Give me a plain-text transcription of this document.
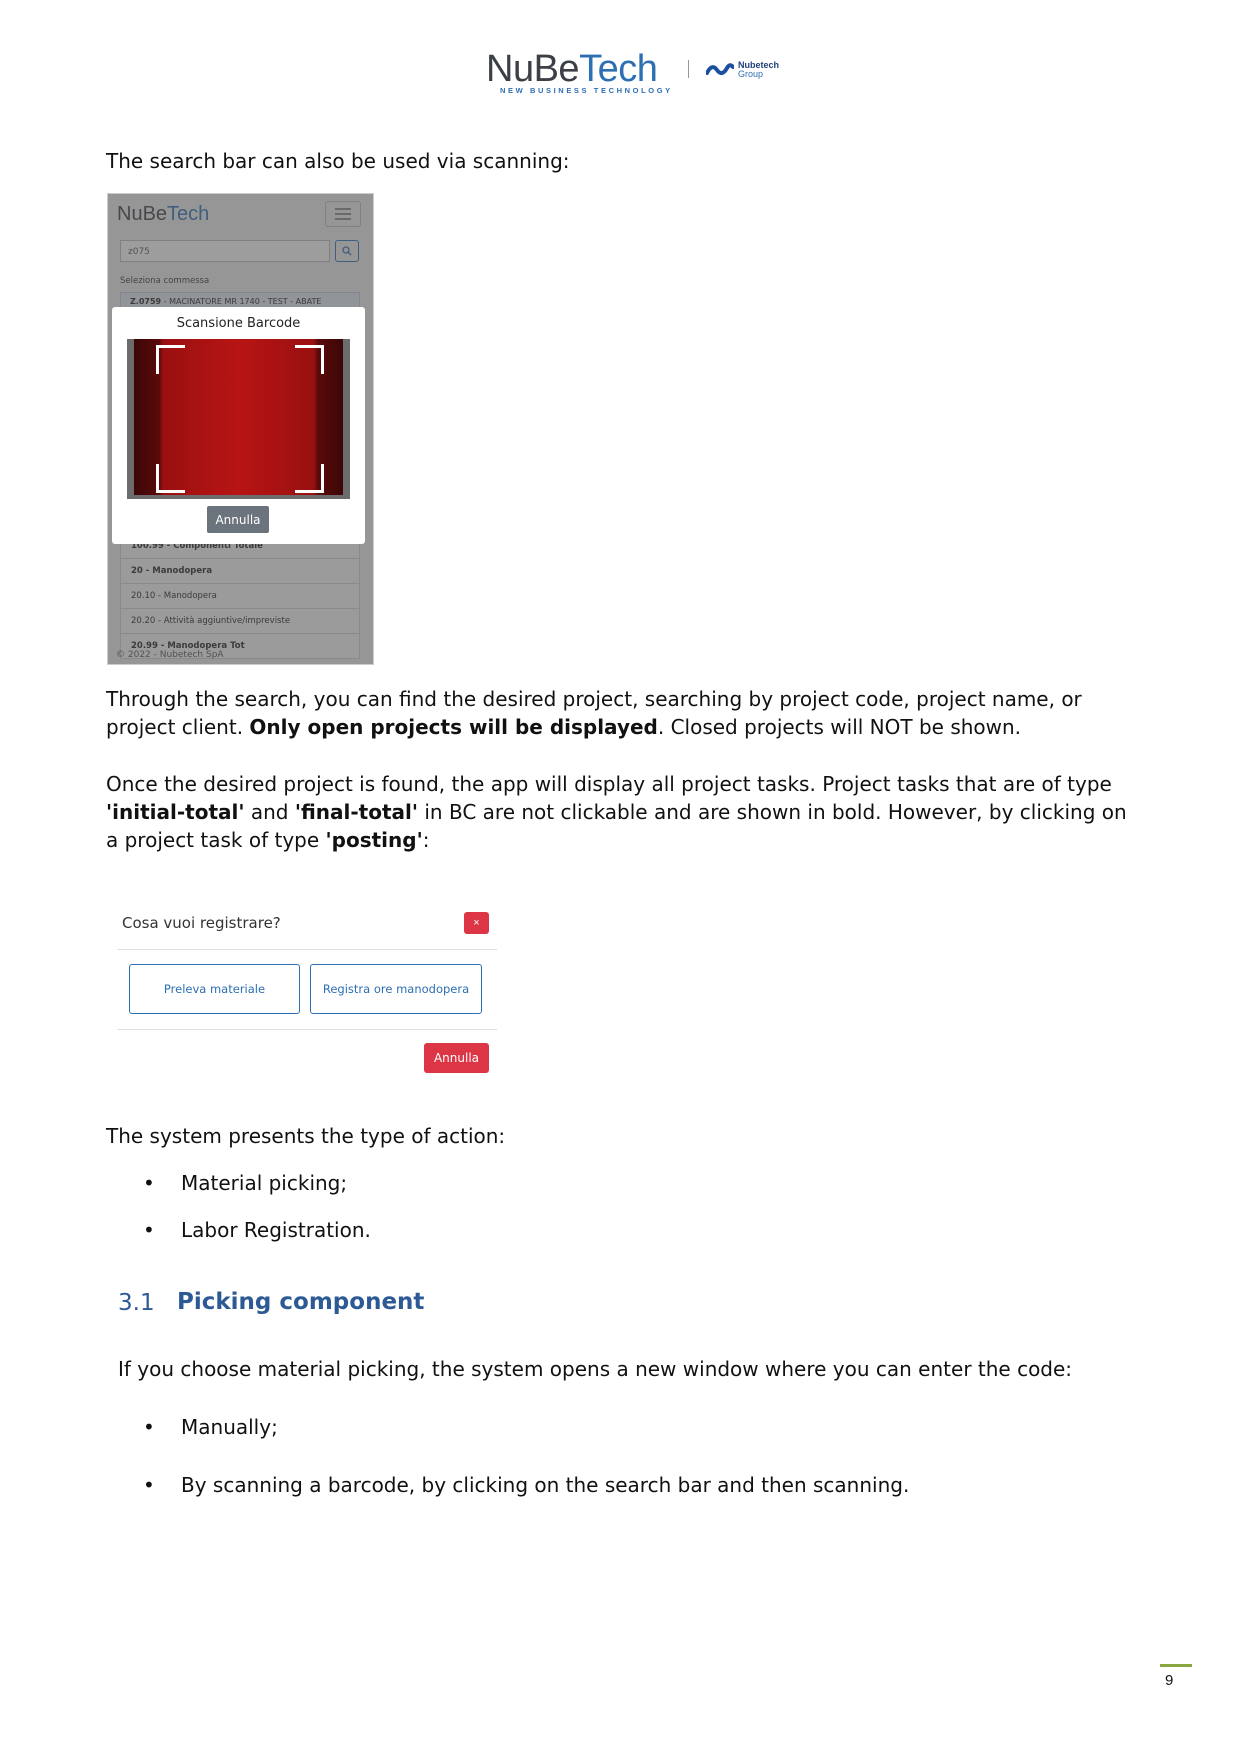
NuBeTech
NEW BUSINESS TECHNOLOGY
Nubetech
Group

The search bar can also be used via scanning:

Scansione Barcode
Annulla

Through the search, you can find the desired project, searching by project code, project name, or project client. Only open projects will be displayed. Closed projects will NOT be shown.

Once the desired project is found, the app will display all project tasks. Project tasks that are of type 'initial-total' and 'final-total' in BC are not clickable and are shown in bold. However, by clicking on a project task of type 'posting':

Cosa vuoi registrare?	×
Preleva materiale	Registra ore manodopera
Annulla

The system presents the type of action:

• Material picking;
• Labor Registration.
3.1 Picking component

If you choose material picking, the system opens a new window where you can enter the code:

• Manually;
• By scanning a barcode, by clicking on the search bar and then scanning.
9
